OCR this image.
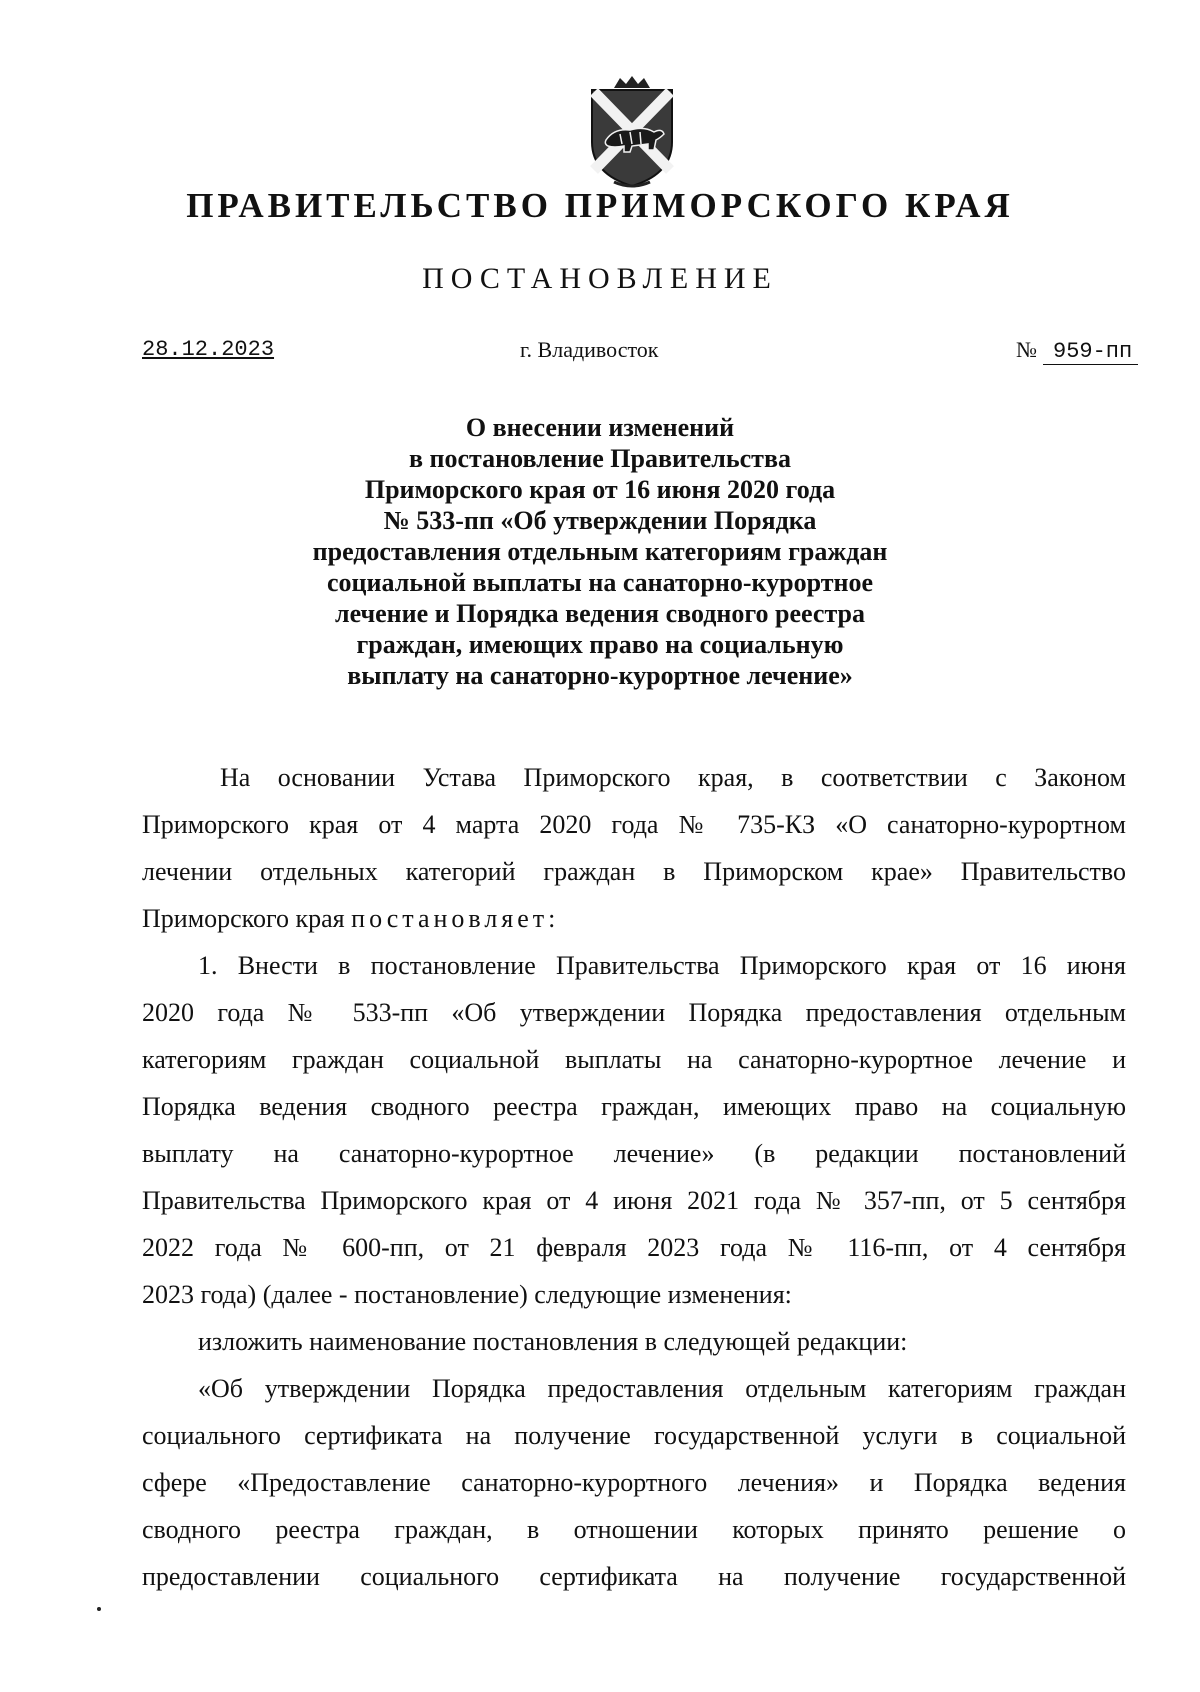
ПРАВИТЕЛЬСТВО ПРИМОРСКОГО КРАЯ
ПОСТАНОВЛЕНИЕ
28.12.2023	г. Владивосток	№ 959-пп
О внесении изменений
в постановление Правительства
Приморского края от 16 июня 2020 года
№ 533-пп «Об утверждении Порядка
предоставления отдельным категориям граждан
социальной выплаты на санаторно-курортное
лечение и Порядка ведения сводного реестра
граждан, имеющих право на социальную
выплату на санаторно-курортное лечение»
На основании Устава Приморского края, в соответствии с Законом
Приморского края от 4 марта 2020 года № 735-КЗ «О санаторно-курортном
лечении отдельных категорий граждан в Приморском крае» Правительство
Приморского края постановляет:
1. Внести в постановление Правительства Приморского края от 16 июня
2020 года № 533-пп «Об утверждении Порядка предоставления отдельным
категориям граждан социальной выплаты на санаторно-курортное лечение и
Порядка ведения сводного реестра граждан, имеющих право на социальную
выплату на санаторно-курортное лечение» (в редакции постановлений
Правительства Приморского края от 4 июня 2021 года № 357-пп, от 5 сентября
2022 года № 600-пп, от 21 февраля 2023 года № 116-пп, от 4 сентября
2023 года) (далее - постановление) следующие изменения:
изложить наименование постановления в следующей редакции:
«Об утверждении Порядка предоставления отдельным категориям граждан
социального сертификата на получение государственной услуги в социальной
сфере «Предоставление санаторно-курортного лечения» и Порядка ведения
сводного реестра граждан, в отношении которых принято решение о
предоставлении социального сертификата на получение государственной
